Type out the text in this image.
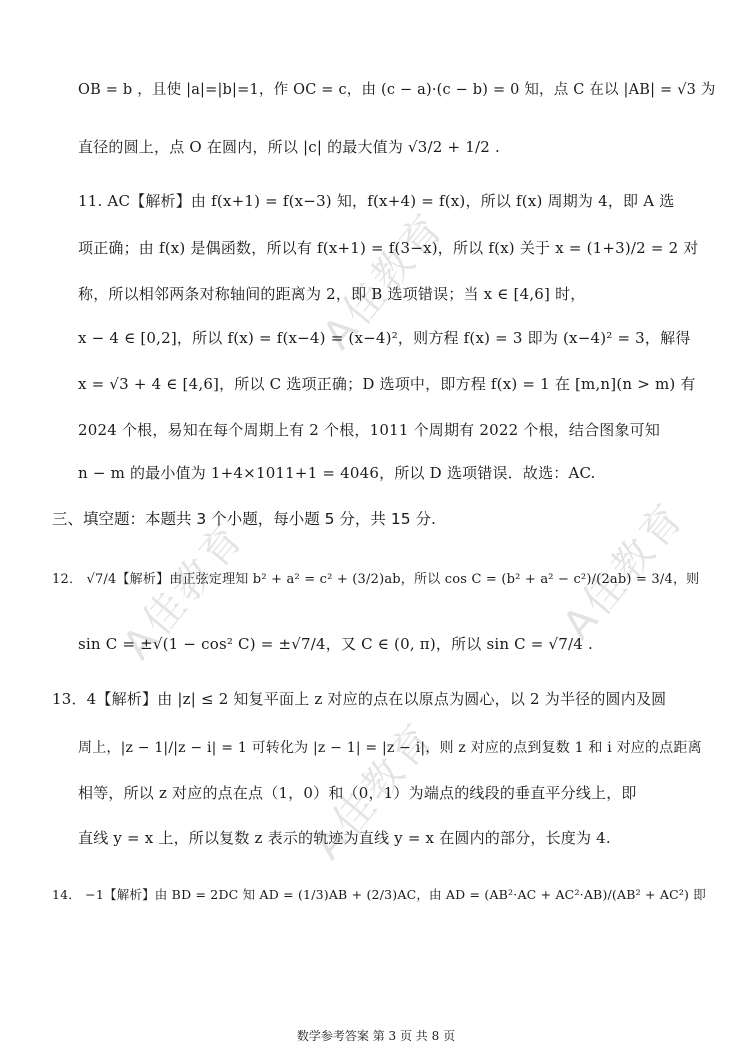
A佳教育
A佳教育	A佳教育
A佳教育
OB = b ，且使 |a|=|b|=1，作 OC = c，由 (c − a)·(c − b) = 0 知，点 C 在以 |AB| = √3 为
直径的圆上，点 O 在圆内，所以 |c| 的最大值为 √3/2 + 1/2 .
11. AC【解析】由 f(x+1) = f(x−3) 知，f(x+4) = f(x)，所以 f(x) 周期为 4，即 A 选
项正确；由 f(x) 是偶函数，所以有 f(x+1) = f(3−x)，所以 f(x) 关于 x = (1+3)/2 = 2 对
称，所以相邻两条对称轴间的距离为 2，即 B 选项错误；当 x ∈ [4,6] 时，
x − 4 ∈ [0,2]，所以 f(x) = f(x−4) = (x−4)²，则方程 f(x) = 3 即为 (x−4)² = 3，解得
x = √3 + 4 ∈ [4,6]，所以 C 选项正确；D 选项中，即方程 f(x) = 1 在 [m,n](n > m) 有
2024 个根，易知在每个周期上有 2 个根，1011 个周期有 2022 个根，结合图象可知
n − m 的最小值为 1+4×1011+1 = 4046，所以 D 选项错误．故选：AC.
三、填空题：本题共 3 个小题，每小题 5 分，共 15 分.
12． √7/4【解析】由正弦定理知 b² + a² = c² + (3/2)ab，所以 cos C = (b² + a² − c²)/(2ab) = 3/4，则
sin C = ±√(1 − cos² C) = ±√7/4，又 C ∈ (0, π)，所以 sin C = √7/4 .
13．4【解析】由 |z| ≤ 2 知复平面上 z 对应的点在以原点为圆心，以 2 为半径的圆内及圆
周上，|z − 1|/|z − i| = 1 可转化为 |z − 1| = |z − i|，则 z 对应的点到复数 1 和 i 对应的点距离
相等，所以 z 对应的点在点（1，0）和（0，1）为端点的线段的垂直平分线上，即
直线 y = x 上，所以复数 z 表示的轨迹为直线 y = x 在圆内的部分，长度为 4.
14． −1【解析】由 BD = 2DC 知 AD = (1/3)AB + (2/3)AC，由 AD = (AB²·AC + AC²·AB)/(AB² + AC²) 即
数学参考答案 第 3 页 共 8 页
